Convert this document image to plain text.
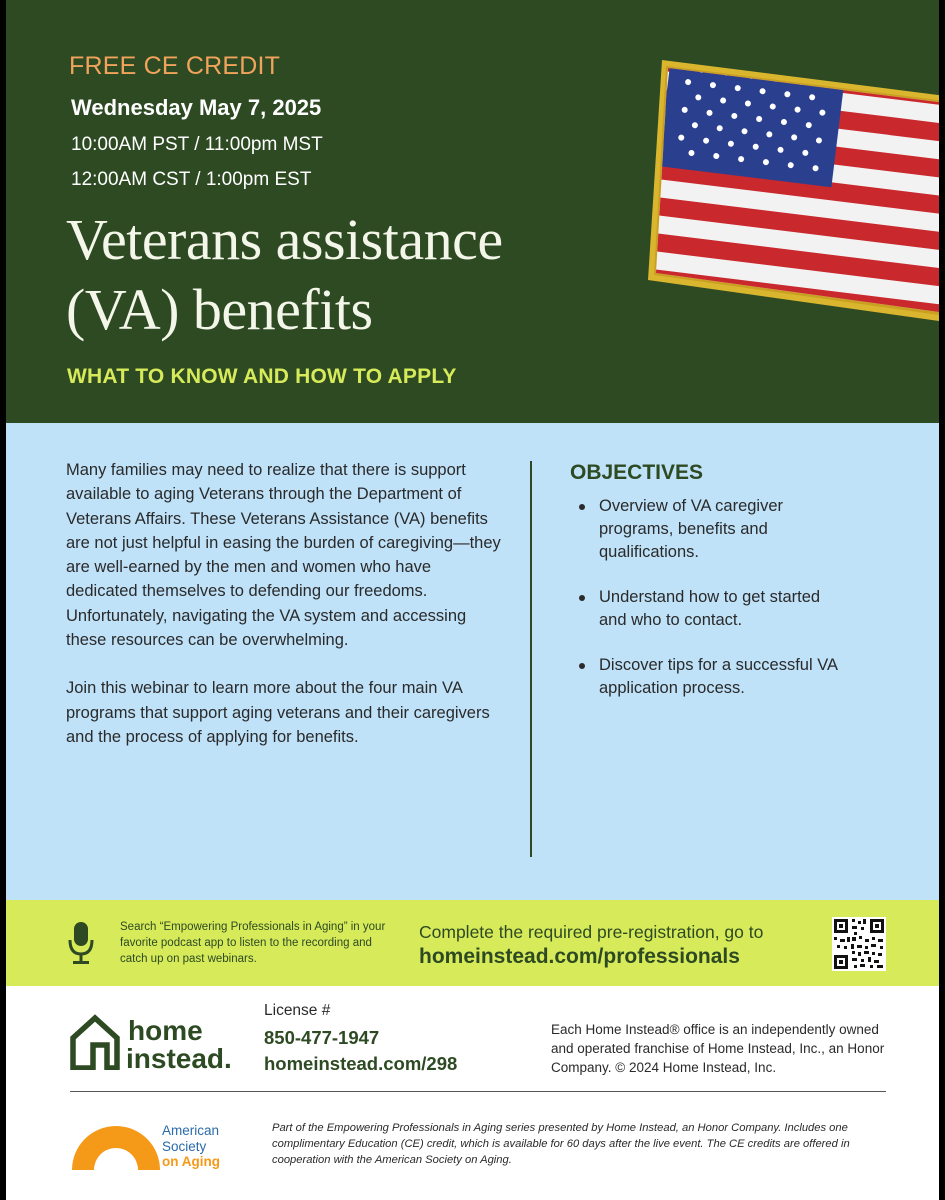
FREE CE CREDIT
Wednesday May 7, 2025
10:00AM PST / 11:00pm MST
12:00AM CST / 1:00pm EST
Veterans assistance
(VA) benefits
WHAT TO KNOW AND HOW TO APPLY

Many families may need to realize that there is support available to aging Veterans through the Department of Veterans Affairs. These Veterans Assistance (VA) benefits are not just helpful in easing the burden of caregiving—they are well-earned by the men and women who have dedicated themselves to defending our freedoms. Unfortunately, navigating the VA system and accessing these resources can be overwhelming.

Join this webinar to learn more about the four main VA programs that support aging veterans and their caregivers and the process of applying for benefits.

OBJECTIVES
Overview of VA caregiver programs, benefits and qualifications.
Understand how to get started and who to contact.
Discover tips for a successful VA application process.
Search “Empowering Professionals in Aging” in your favorite podcast app to listen to the recording and catch up on past webinars.
Complete the required pre-registration, go to
homeinstead.com/professionals
home
instead.
License #
850-477-1947
homeinstead.com/298
Each Home Instead® office is an independently owned and operated franchise of Home Instead, Inc., an Honor Company. © 2024 Home Instead, Inc.
American
Society
on Aging
Part of the Empowering Professionals in Aging series presented by Home Instead, an Honor Company. Includes one complimentary Education (CE) credit, which is available for 60 days after the live event. The CE credits are offered in cooperation with the American Society on Aging.
